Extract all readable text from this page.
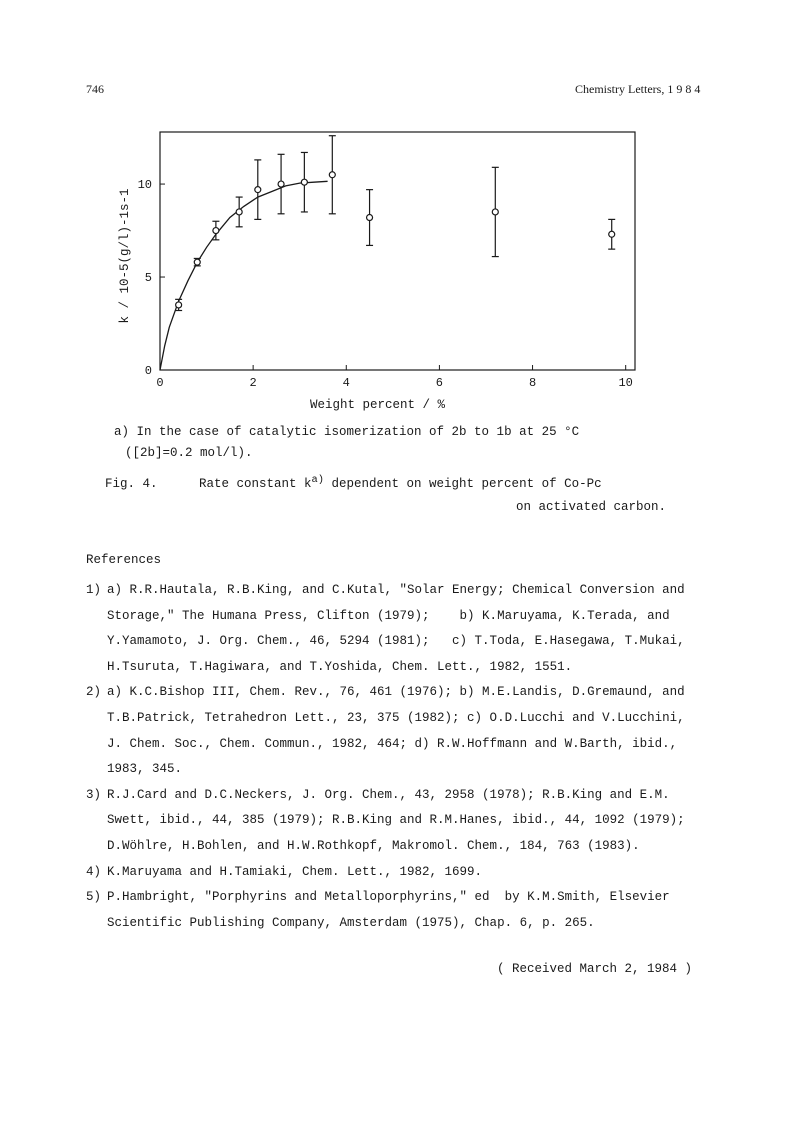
746	Chemistry Letters, 1 9 8 4
0	2	4	6	8	10
0
5
10
Weight percent / %
k / 10-5(g/l)-1s-1
a) In the case of catalytic isomerization of 2b to 1b at 25 °C
([2b]=0.2 mol/l).
Fig. 4.	Rate constant $k^{a)}$ dependent on weight percent of Co-Pc
on activated carbon.
References
1) a) R.R.Hautala, R.B.King, and C.Kutal, "Solar Energy; Chemical Conversion and
Storage," The Humana Press, Clifton (1979);    b) K.Maruyama, K.Terada, and
Y.Yamamoto, J. Org. Chem., 46, 5294 (1981);   c) T.Toda, E.Hasegawa, T.Mukai,
H.Tsuruta, T.Hagiwara, and T.Yoshida, Chem. Lett., 1982, 1551.
2) a) K.C.Bishop III, Chem. Rev., 76, 461 (1976); b) M.E.Landis, D.Gremaund, and
T.B.Patrick, Tetrahedron Lett., 23, 375 (1982); c) O.D.Lucchi and V.Lucchini,
J. Chem. Soc., Chem. Commun., 1982, 464; d) R.W.Hoffmann and W.Barth, ibid.,
1983, 345.
3) R.J.Card and D.C.Neckers, J. Org. Chem., 43, 2958 (1978); R.B.King and E.M.
Swett, ibid., 44, 385 (1979); R.B.King and R.M.Hanes, ibid., 44, 1092 (1979);
D.Wöhlre, H.Bohlen, and H.W.Rothkopf, Makromol. Chem., 184, 763 (1983).
4) K.Maruyama and H.Tamiaki, Chem. Lett., 1982, 1699.
5) P.Hambright, "Porphyrins and Metalloporphyrins," ed  by K.M.Smith, Elsevier
Scientific Publishing Company, Amsterdam (1975), Chap. 6, p. 265.
( Received March 2, 1984 )
